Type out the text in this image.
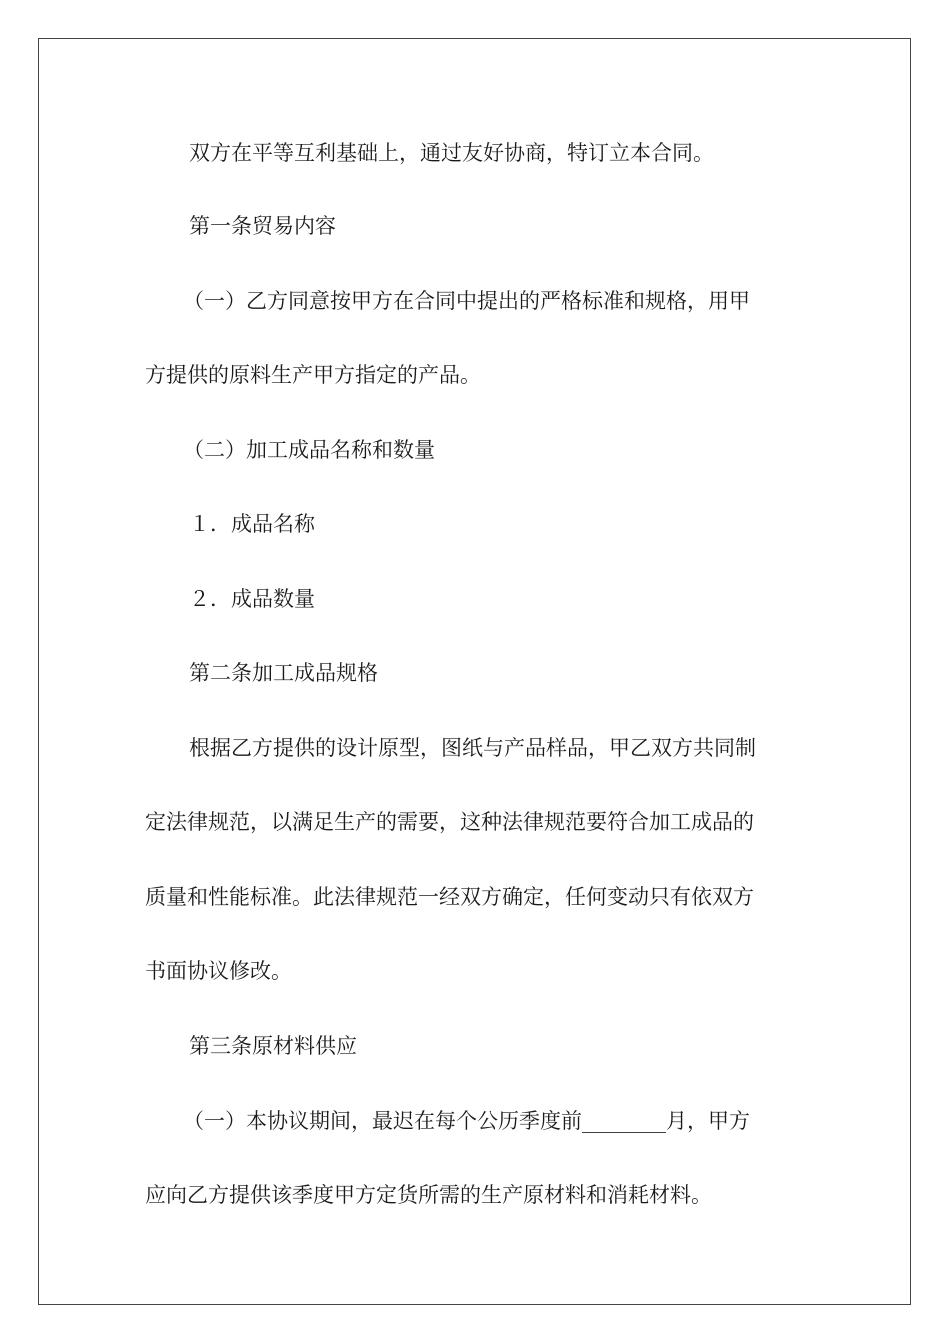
双方在平等互利基础上，通过友好协商，特订立本合同。
第一条贸易内容
（一）乙方同意按甲方在合同中提出的严格标准和规格，用甲
方提供的原料生产甲方指定的产品。
（二）加工成品名称和数量
１．成品名称
２．成品数量
第二条加工成品规格
根据乙方提供的设计原型，图纸与产品样品，甲乙双方共同制
定法律规范，以满足生产的需要，这种法律规范要符合加工成品的
质量和性能标准。此法律规范一经双方确定，任何变动只有依双方
书面协议修改。
第三条原材料供应
（一）本协议期间，最迟在每个公历季度前________月，甲方
应向乙方提供该季度甲方定货所需的生产原材料和消耗材料。
